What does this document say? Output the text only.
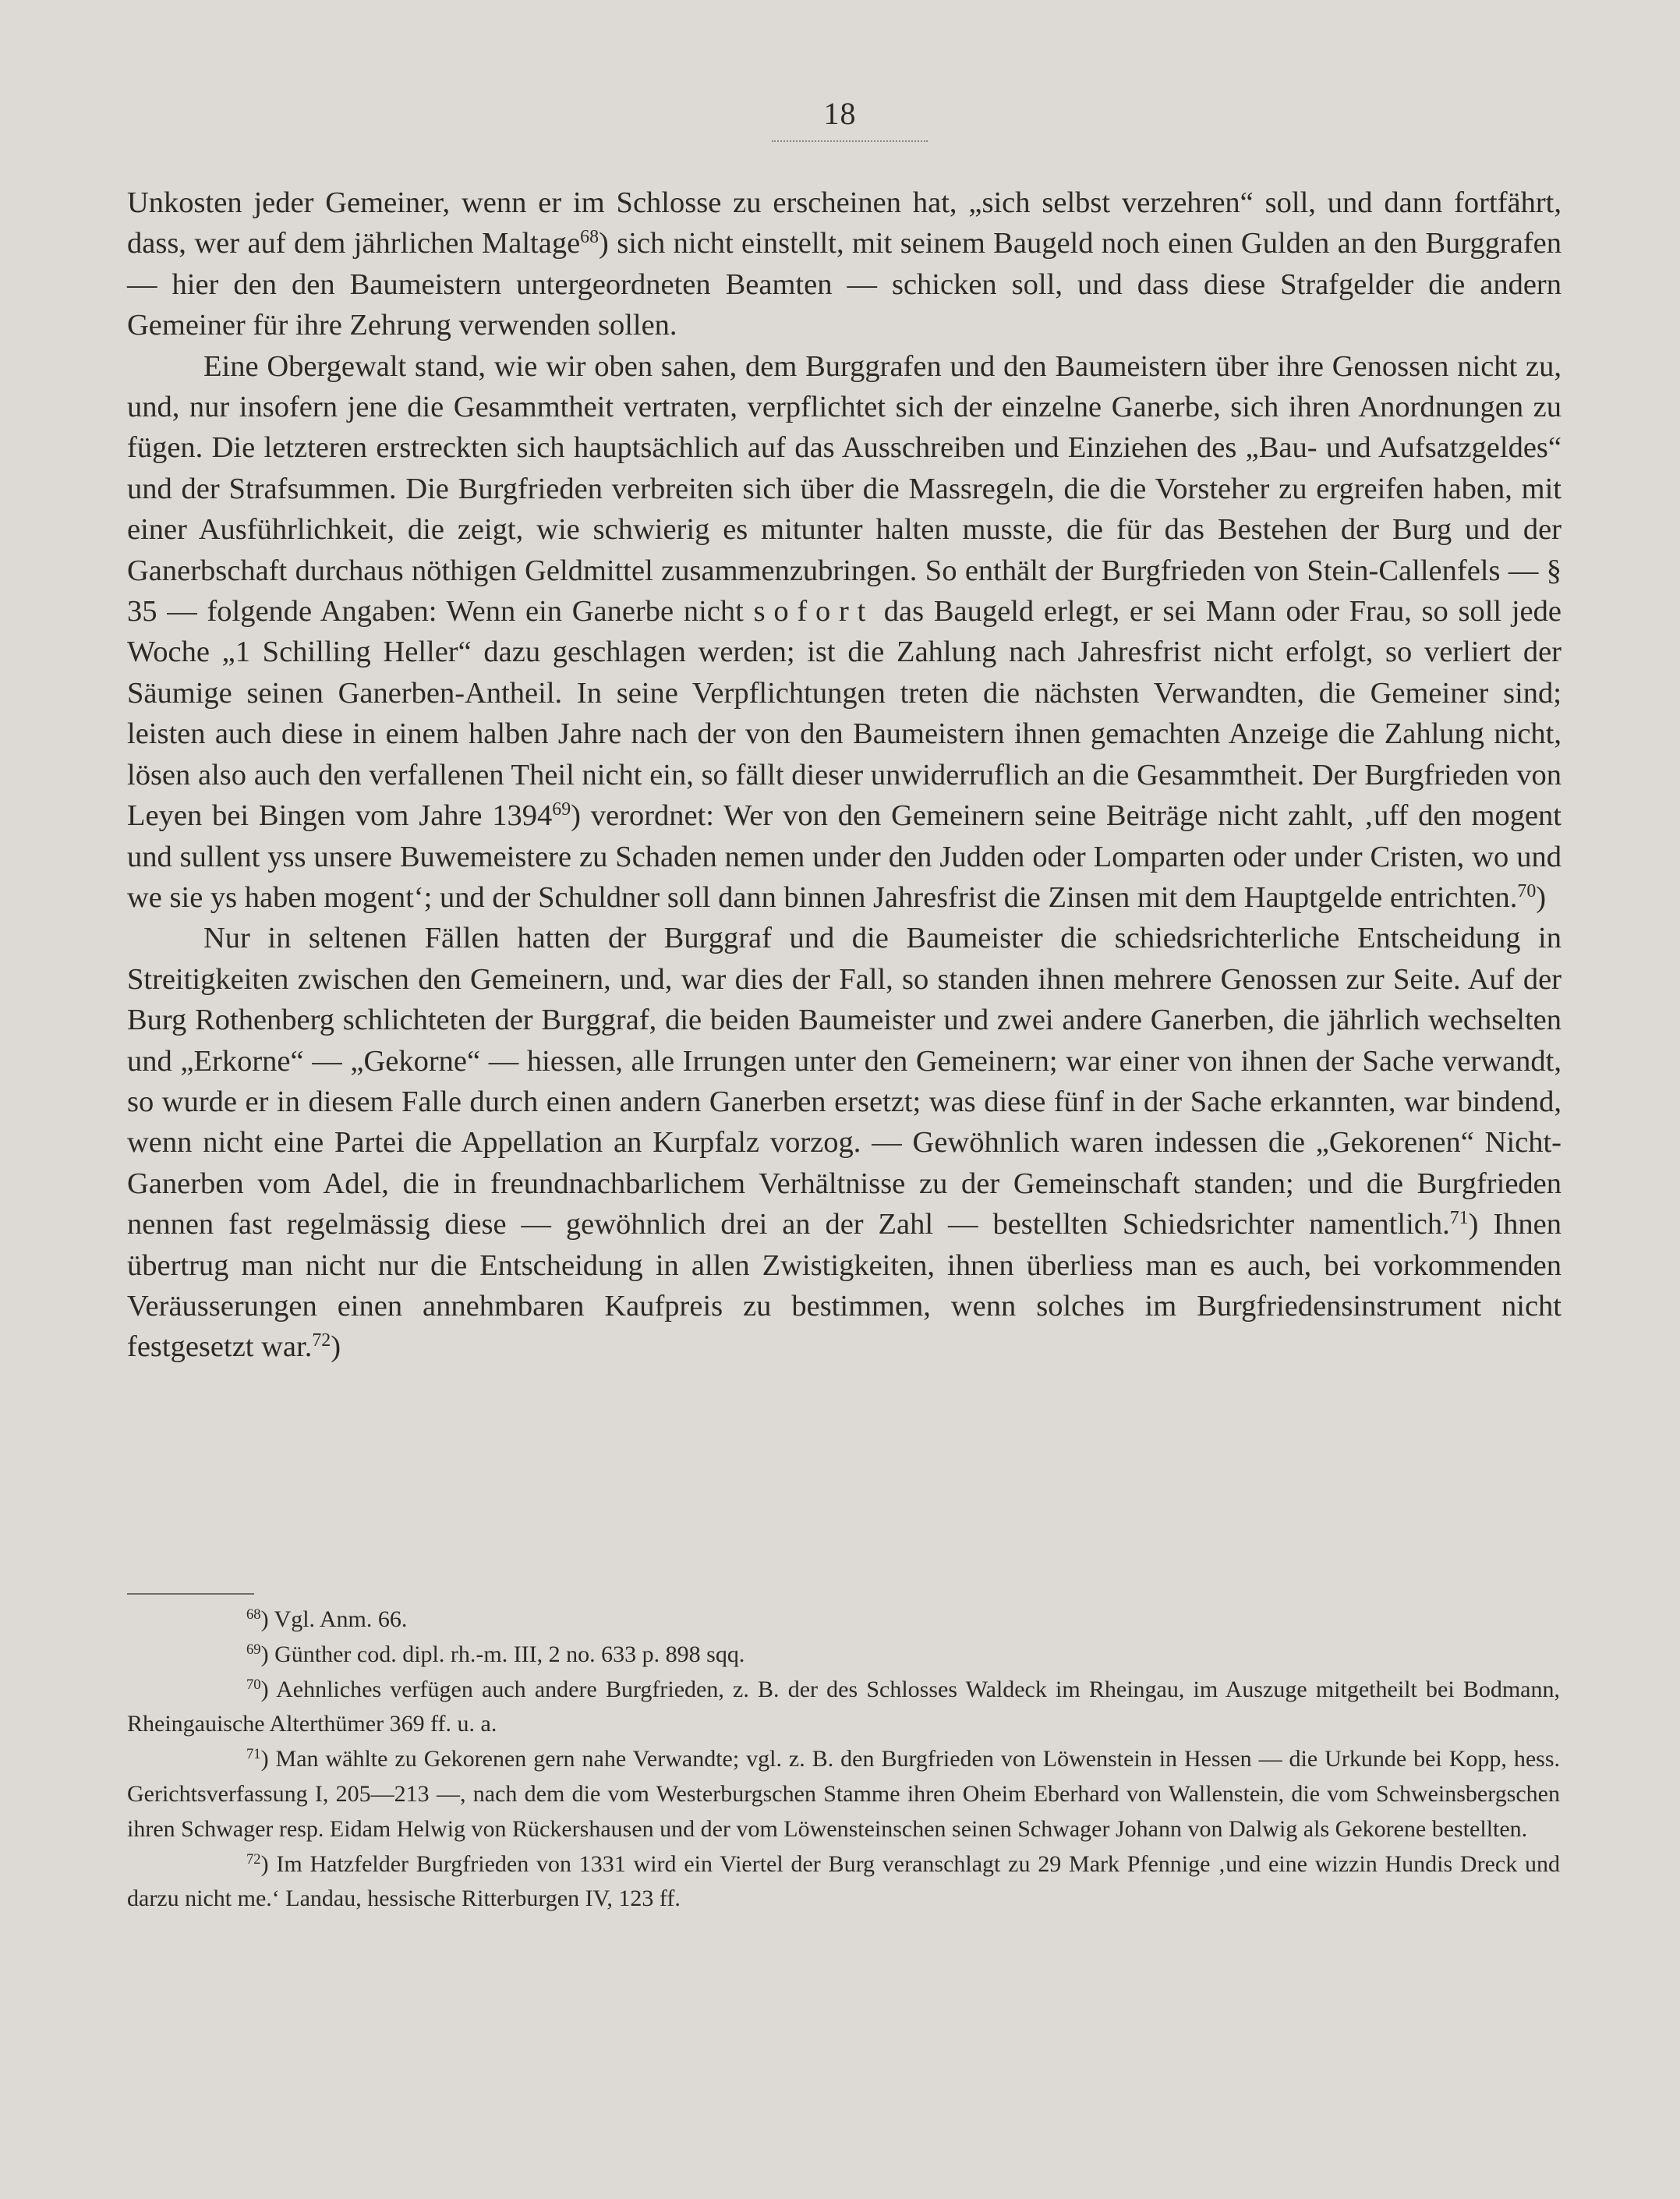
18

Unkosten jeder Gemeiner, wenn er im Schlosse zu erscheinen hat, „sich selbst verzehren“ soll, und dann fortfährt, dass, wer auf dem jährlichen Maltage$^{68}$) sich nicht einstellt, mit seinem Baugeld noch einen Gulden an den Burggrafen — hier den den Baumeistern untergeordneten Beamten — schicken soll, und dass diese Strafgelder die andern Gemeiner für ihre Zehrung verwenden sollen.

Eine Obergewalt stand, wie wir oben sahen, dem Burggrafen und den Baumeistern über ihre Genossen nicht zu, und, nur insofern jene die Gesammtheit vertraten, verpflichtet sich der einzelne Ganerbe, sich ihren Anordnungen zu fügen. Die letzteren erstreckten sich hauptsächlich auf das Ausschreiben und Einziehen des „Bau- und Aufsatzgeldes“ und der Strafsummen. Die Burgfrieden verbreiten sich über die Massregeln, die die Vorsteher zu ergreifen haben, mit einer Ausführlichkeit, die zeigt, wie schwierig es mitunter halten musste, die für das Bestehen der Burg und der Ganerbschaft durchaus nöthigen Geldmittel zusammenzubringen. So enthält der Burgfrieden von Stein-Callenfels — § 35 — folgende Angaben: Wenn ein Ganerbe nicht sofort das Baugeld erlegt, er sei Mann oder Frau, so soll jede Woche „1 Schilling Heller“ dazu geschlagen werden; ist die Zahlung nach Jahresfrist nicht erfolgt, so verliert der Säumige seinen Ganerben-Antheil. In seine Verpflichtungen treten die nächsten Verwandten, die Gemeiner sind; leisten auch diese in einem halben Jahre nach der von den Baumeistern ihnen gemachten Anzeige die Zahlung nicht, lösen also auch den verfallenen Theil nicht ein, so fällt dieser unwiderruflich an die Gesammtheit. Der Burgfrieden von Leyen bei Bingen vom Jahre 1394$^{69}$) verordnet: Wer von den Gemeinern seine Beiträge nicht zahlt, ‚uff den mogent und sullent yss unsere Buwemeistere zu Schaden nemen under den Judden oder Lomparten oder under Cristen, wo und we sie ys haben mogent‘; und der Schuldner soll dann binnen Jahresfrist die Zinsen mit dem Hauptgelde entrichten.$^{70}$)

Nur in seltenen Fällen hatten der Burggraf und die Baumeister die schiedsrichterliche Entscheidung in Streitigkeiten zwischen den Gemeinern, und, war dies der Fall, so standen ihnen mehrere Genossen zur Seite. Auf der Burg Rothenberg schlichteten der Burggraf, die beiden Baumeister und zwei andere Ganerben, die jährlich wechselten und „Erkorne“ — „Gekorne“ — hiessen, alle Irrungen unter den Gemeinern; war einer von ihnen der Sache verwandt, so wurde er in diesem Falle durch einen andern Ganerben ersetzt; was diese fünf in der Sache erkannten, war bindend, wenn nicht eine Partei die Appellation an Kurpfalz vorzog. — Gewöhnlich waren indessen die „Gekorenen“ Nicht-Ganerben vom Adel, die in freundnachbarlichem Verhältnisse zu der Gemeinschaft standen; und die Burgfrieden nennen fast regelmässig diese — gewöhnlich drei an der Zahl — bestellten Schiedsrichter namentlich.$^{71}$) Ihnen übertrug man nicht nur die Entscheidung in allen Zwistigkeiten, ihnen überliess man es auch, bei vorkommenden Veräusserungen einen annehmbaren Kaufpreis zu bestimmen, wenn solches im Burgfriedensinstrument nicht festgesetzt war.$^{72}$)

$^{68}$) Vgl. Anm. 66.

$^{69}$) Günther cod. dipl. rh.-m. III, 2 no. 633 p. 898 sqq.

$^{70}$) Aehnliches verfügen auch andere Burgfrieden, z. B. der des Schlosses Waldeck im Rheingau, im Auszuge mitgetheilt bei Bodmann, Rheingauische Alterthümer 369 ff. u. a.

$^{71}$) Man wählte zu Gekorenen gern nahe Verwandte; vgl. z. B. den Burgfrieden von Löwenstein in Hessen — die Urkunde bei Kopp, hess. Gerichtsverfassung I, 205—213 —, nach dem die vom Westerburgschen Stamme ihren Oheim Eberhard von Wallenstein, die vom Schweinsbergschen ihren Schwager resp. Eidam Helwig von Rückershausen und der vom Löwensteinschen seinen Schwager Johann von Dalwig als Gekorene bestellten.

$^{72}$) Im Hatzfelder Burgfrieden von 1331 wird ein Viertel der Burg veranschlagt zu 29 Mark Pfennige ‚und eine wizzin Hundis Dreck und darzu nicht me.‘ Landau, hessische Ritterburgen IV, 123 ff.
